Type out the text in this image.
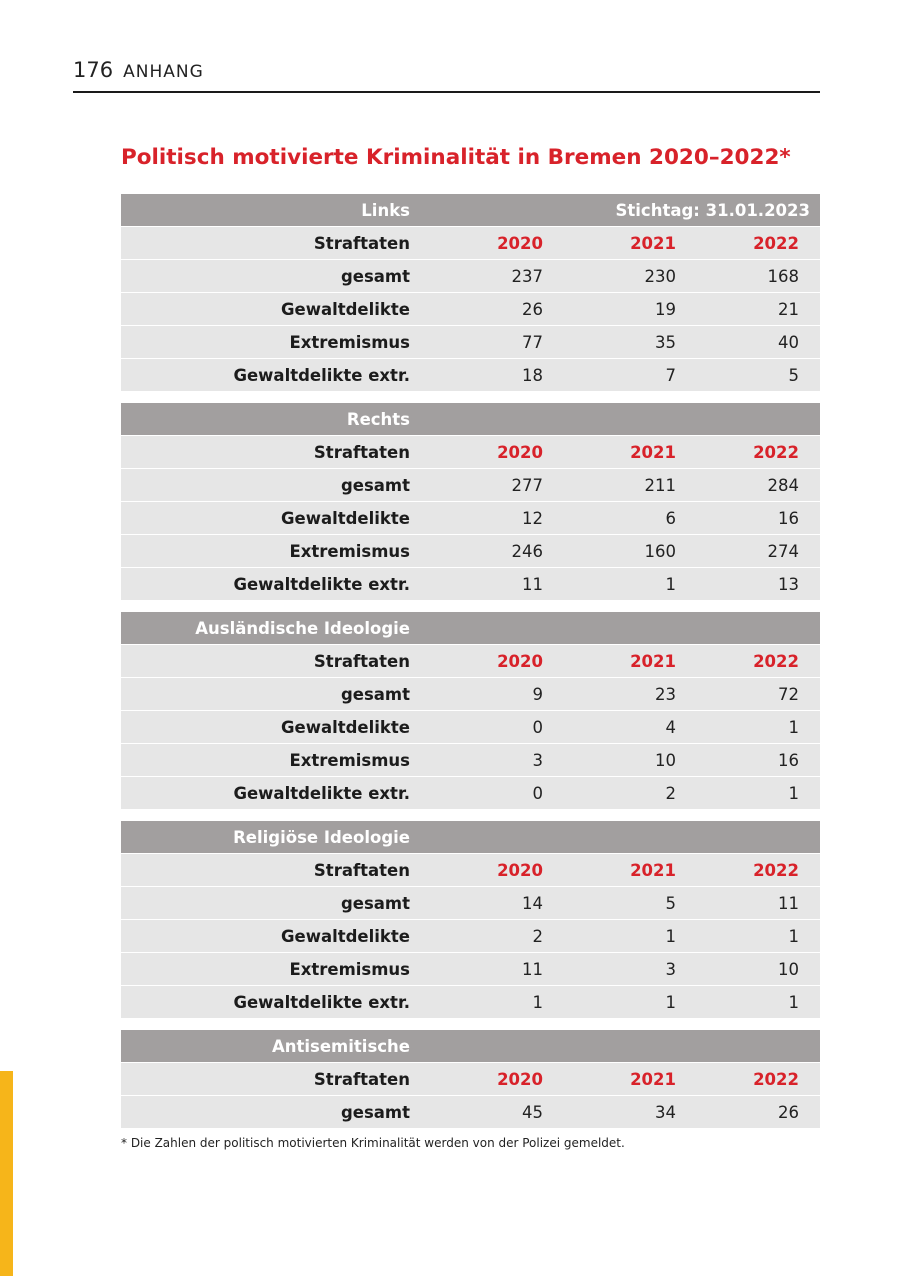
176 ANHANG
Politisch motivierte Kriminalität in Bremen 2020–2022*
Links	Stichtag: 31.01.2023
Straftaten	2020	2021	2022
gesamt	237	230	168
Gewaltdelikte	26	19	21
Extremismus	77	35	40
Gewaltdelikte extr.	18	7	5
Rechts
Straftaten	2020	2021	2022
gesamt	277	211	284
Gewaltdelikte	12	6	16
Extremismus	246	160	274
Gewaltdelikte extr.	11	1	13
Ausländische Ideologie
Straftaten	2020	2021	2022
gesamt	9	23	72
Gewaltdelikte	0	4	1
Extremismus	3	10	16
Gewaltdelikte extr.	0	2	1
Religiöse Ideologie
Straftaten	2020	2021	2022
gesamt	14	5	11
Gewaltdelikte	2	1	1
Extremismus	11	3	10
Gewaltdelikte extr.	1	1	1
Antisemitische
Straftaten	2020	2021	2022
gesamt	45	34	26
* Die Zahlen der politisch motivierten Kriminalität werden von der Polizei gemeldet.
